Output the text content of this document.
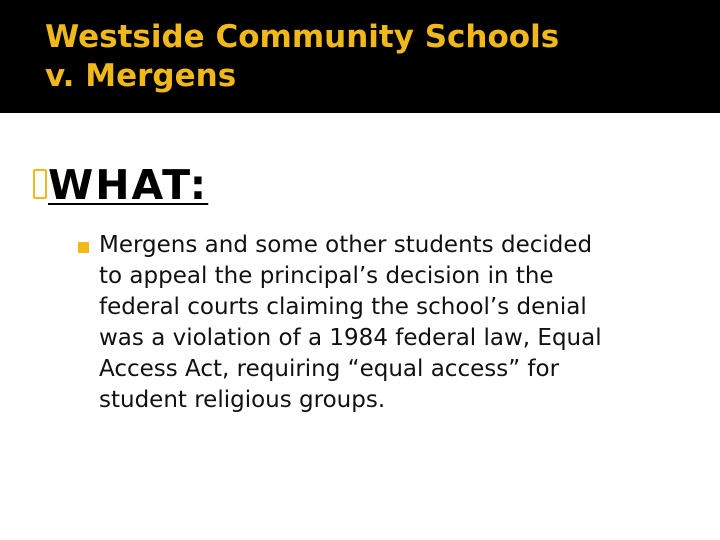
Westside Community Schools
v. Mergens
WHAT:
Mergens and some other students decided
to appeal the principal’s decision in the
federal courts claiming the school’s denial
was a violation of a 1984 federal law, Equal
Access Act, requiring “equal access” for
student religious groups.
